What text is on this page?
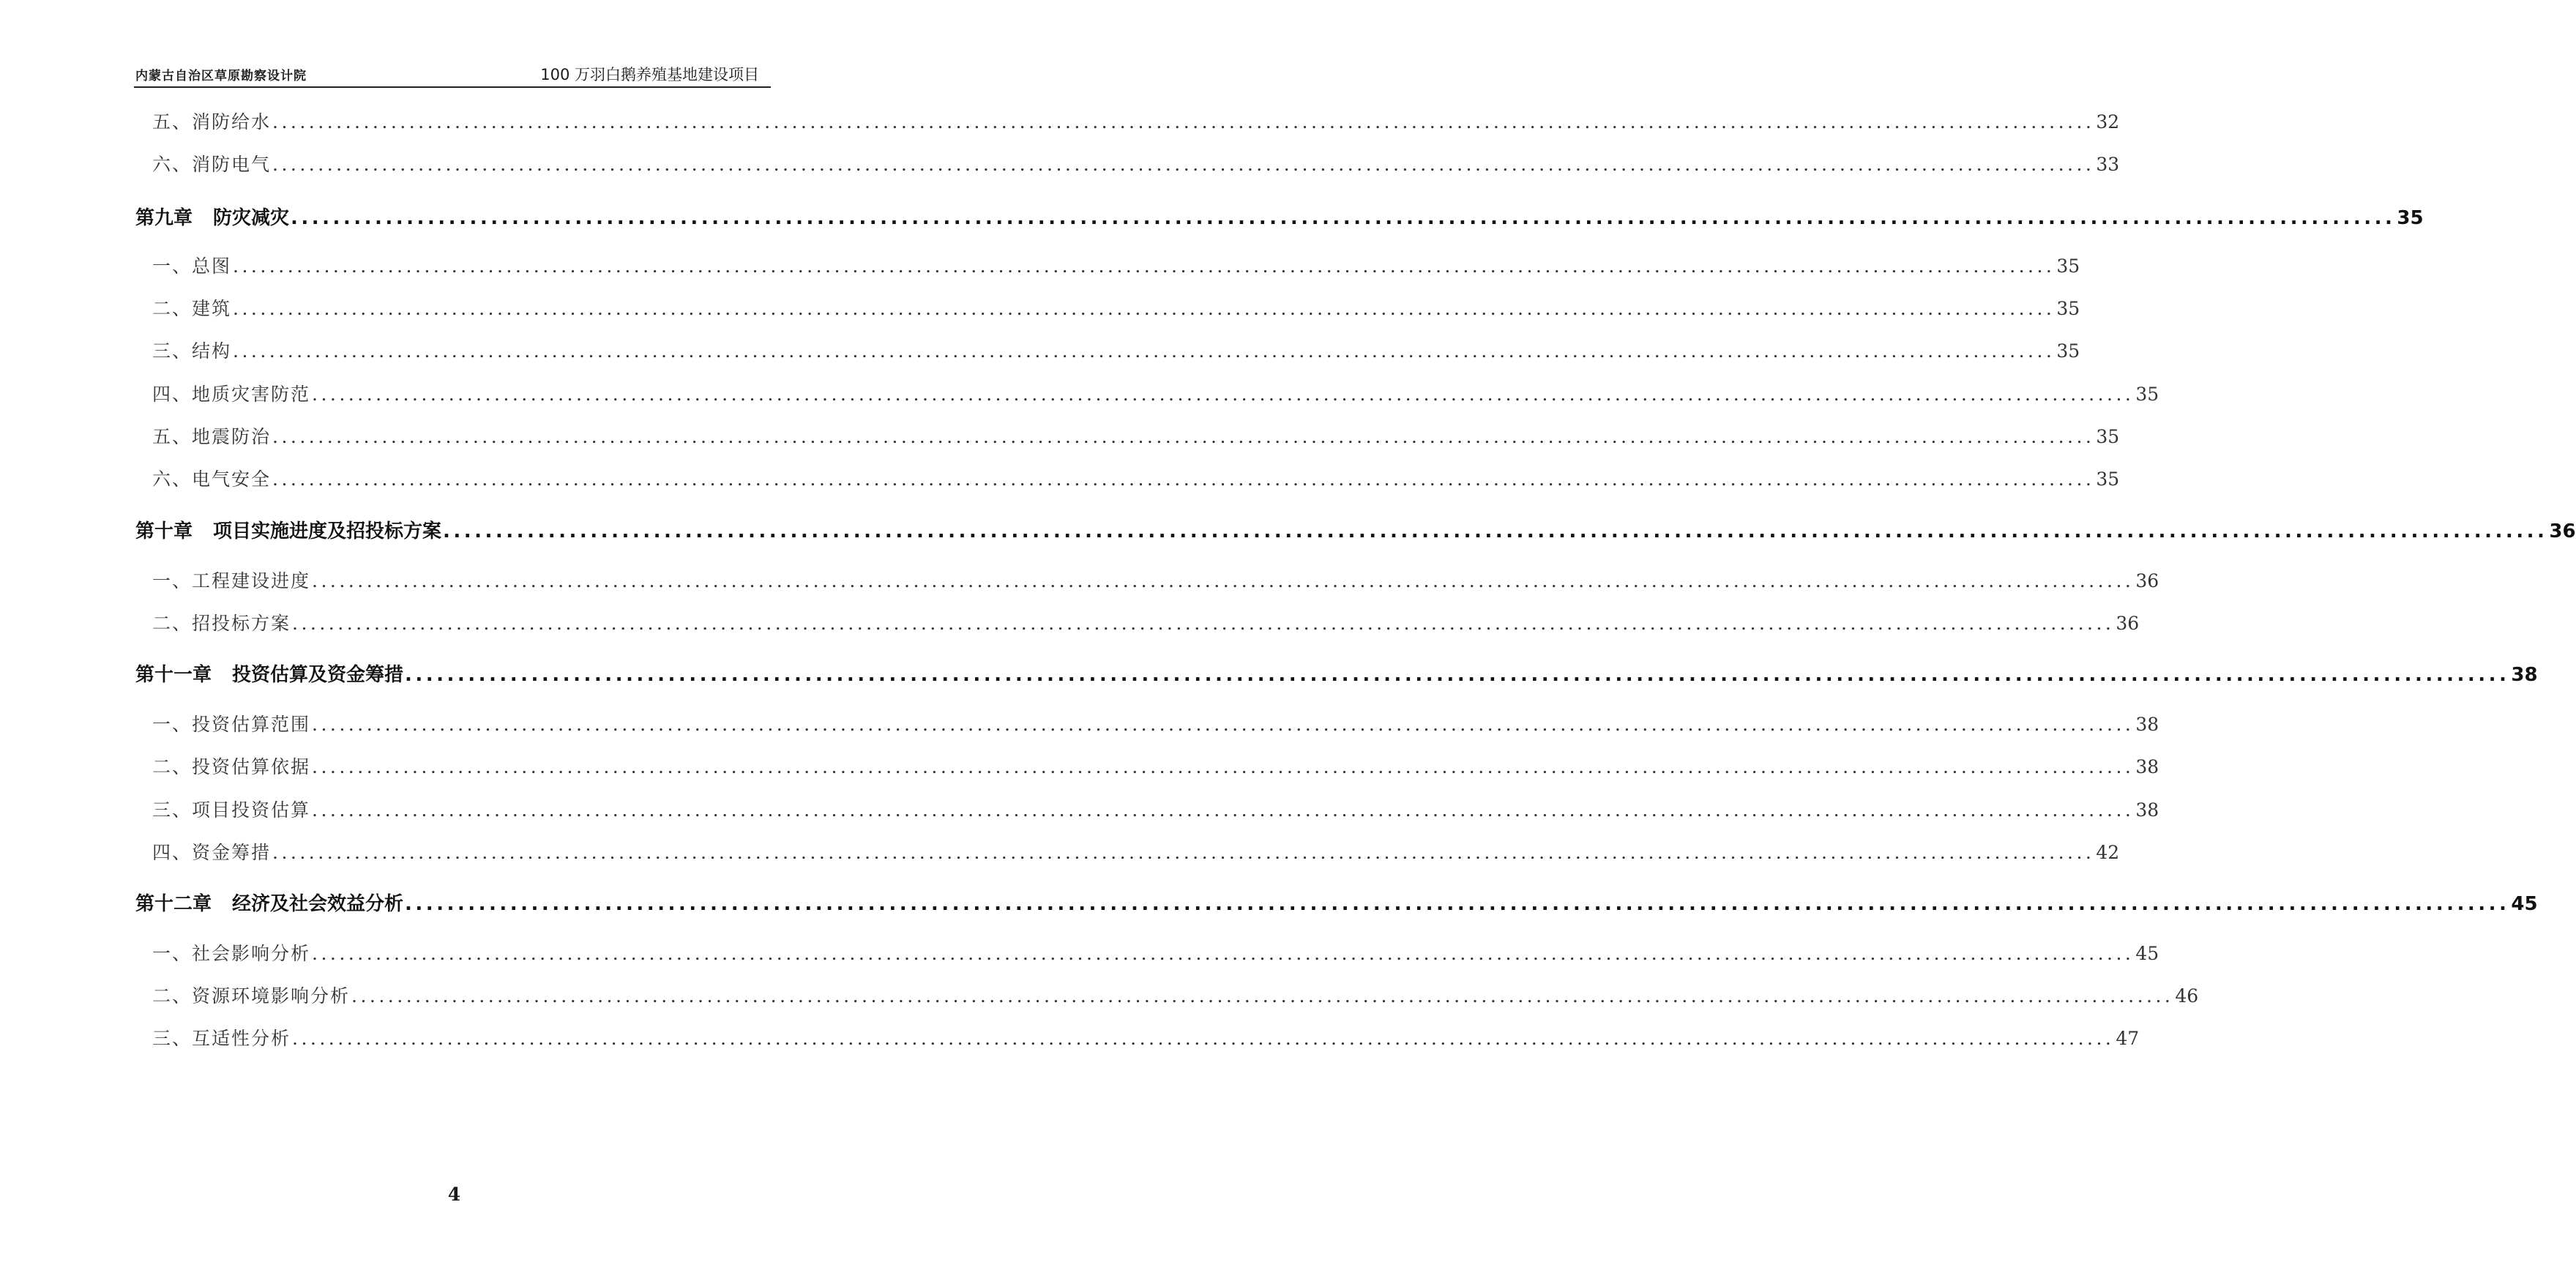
内蒙古自治区草原勘察设计院	100 万羽白鹅养殖基地建设项目
五、消防给水 ........................................................................................................................................................................................................ 32
六、消防电气 ........................................................................................................................................................................................................ 33
第九章 防灾减灾 ........................................................................................................................................................................................................ 35
一、总图 ........................................................................................................................................................................................................ 35
二、建筑 ........................................................................................................................................................................................................ 35
三、结构 ........................................................................................................................................................................................................ 35
四、地质灾害防范 ........................................................................................................................................................................................................ 35
五、地震防治 ........................................................................................................................................................................................................ 35
六、电气安全 ........................................................................................................................................................................................................ 35
第十章 项目实施进度及招投标方案 ........................................................................................................................................................................................................ 36
一、工程建设进度 ........................................................................................................................................................................................................ 36
二、招投标方案 ........................................................................................................................................................................................................ 36
第十一章 投资估算及资金筹措 ........................................................................................................................................................................................................ 38
一、投资估算范围 ........................................................................................................................................................................................................ 38
二、投资估算依据 ........................................................................................................................................................................................................ 38
三、项目投资估算 ........................................................................................................................................................................................................ 38
四、资金筹措 ........................................................................................................................................................................................................ 42
第十二章 经济及社会效益分析 ........................................................................................................................................................................................................ 45
一、社会影响分析 ........................................................................................................................................................................................................ 45
二、资源环境影响分析 ........................................................................................................................................................................................................ 46
三、互适性分析 ........................................................................................................................................................................................................ 47
4
